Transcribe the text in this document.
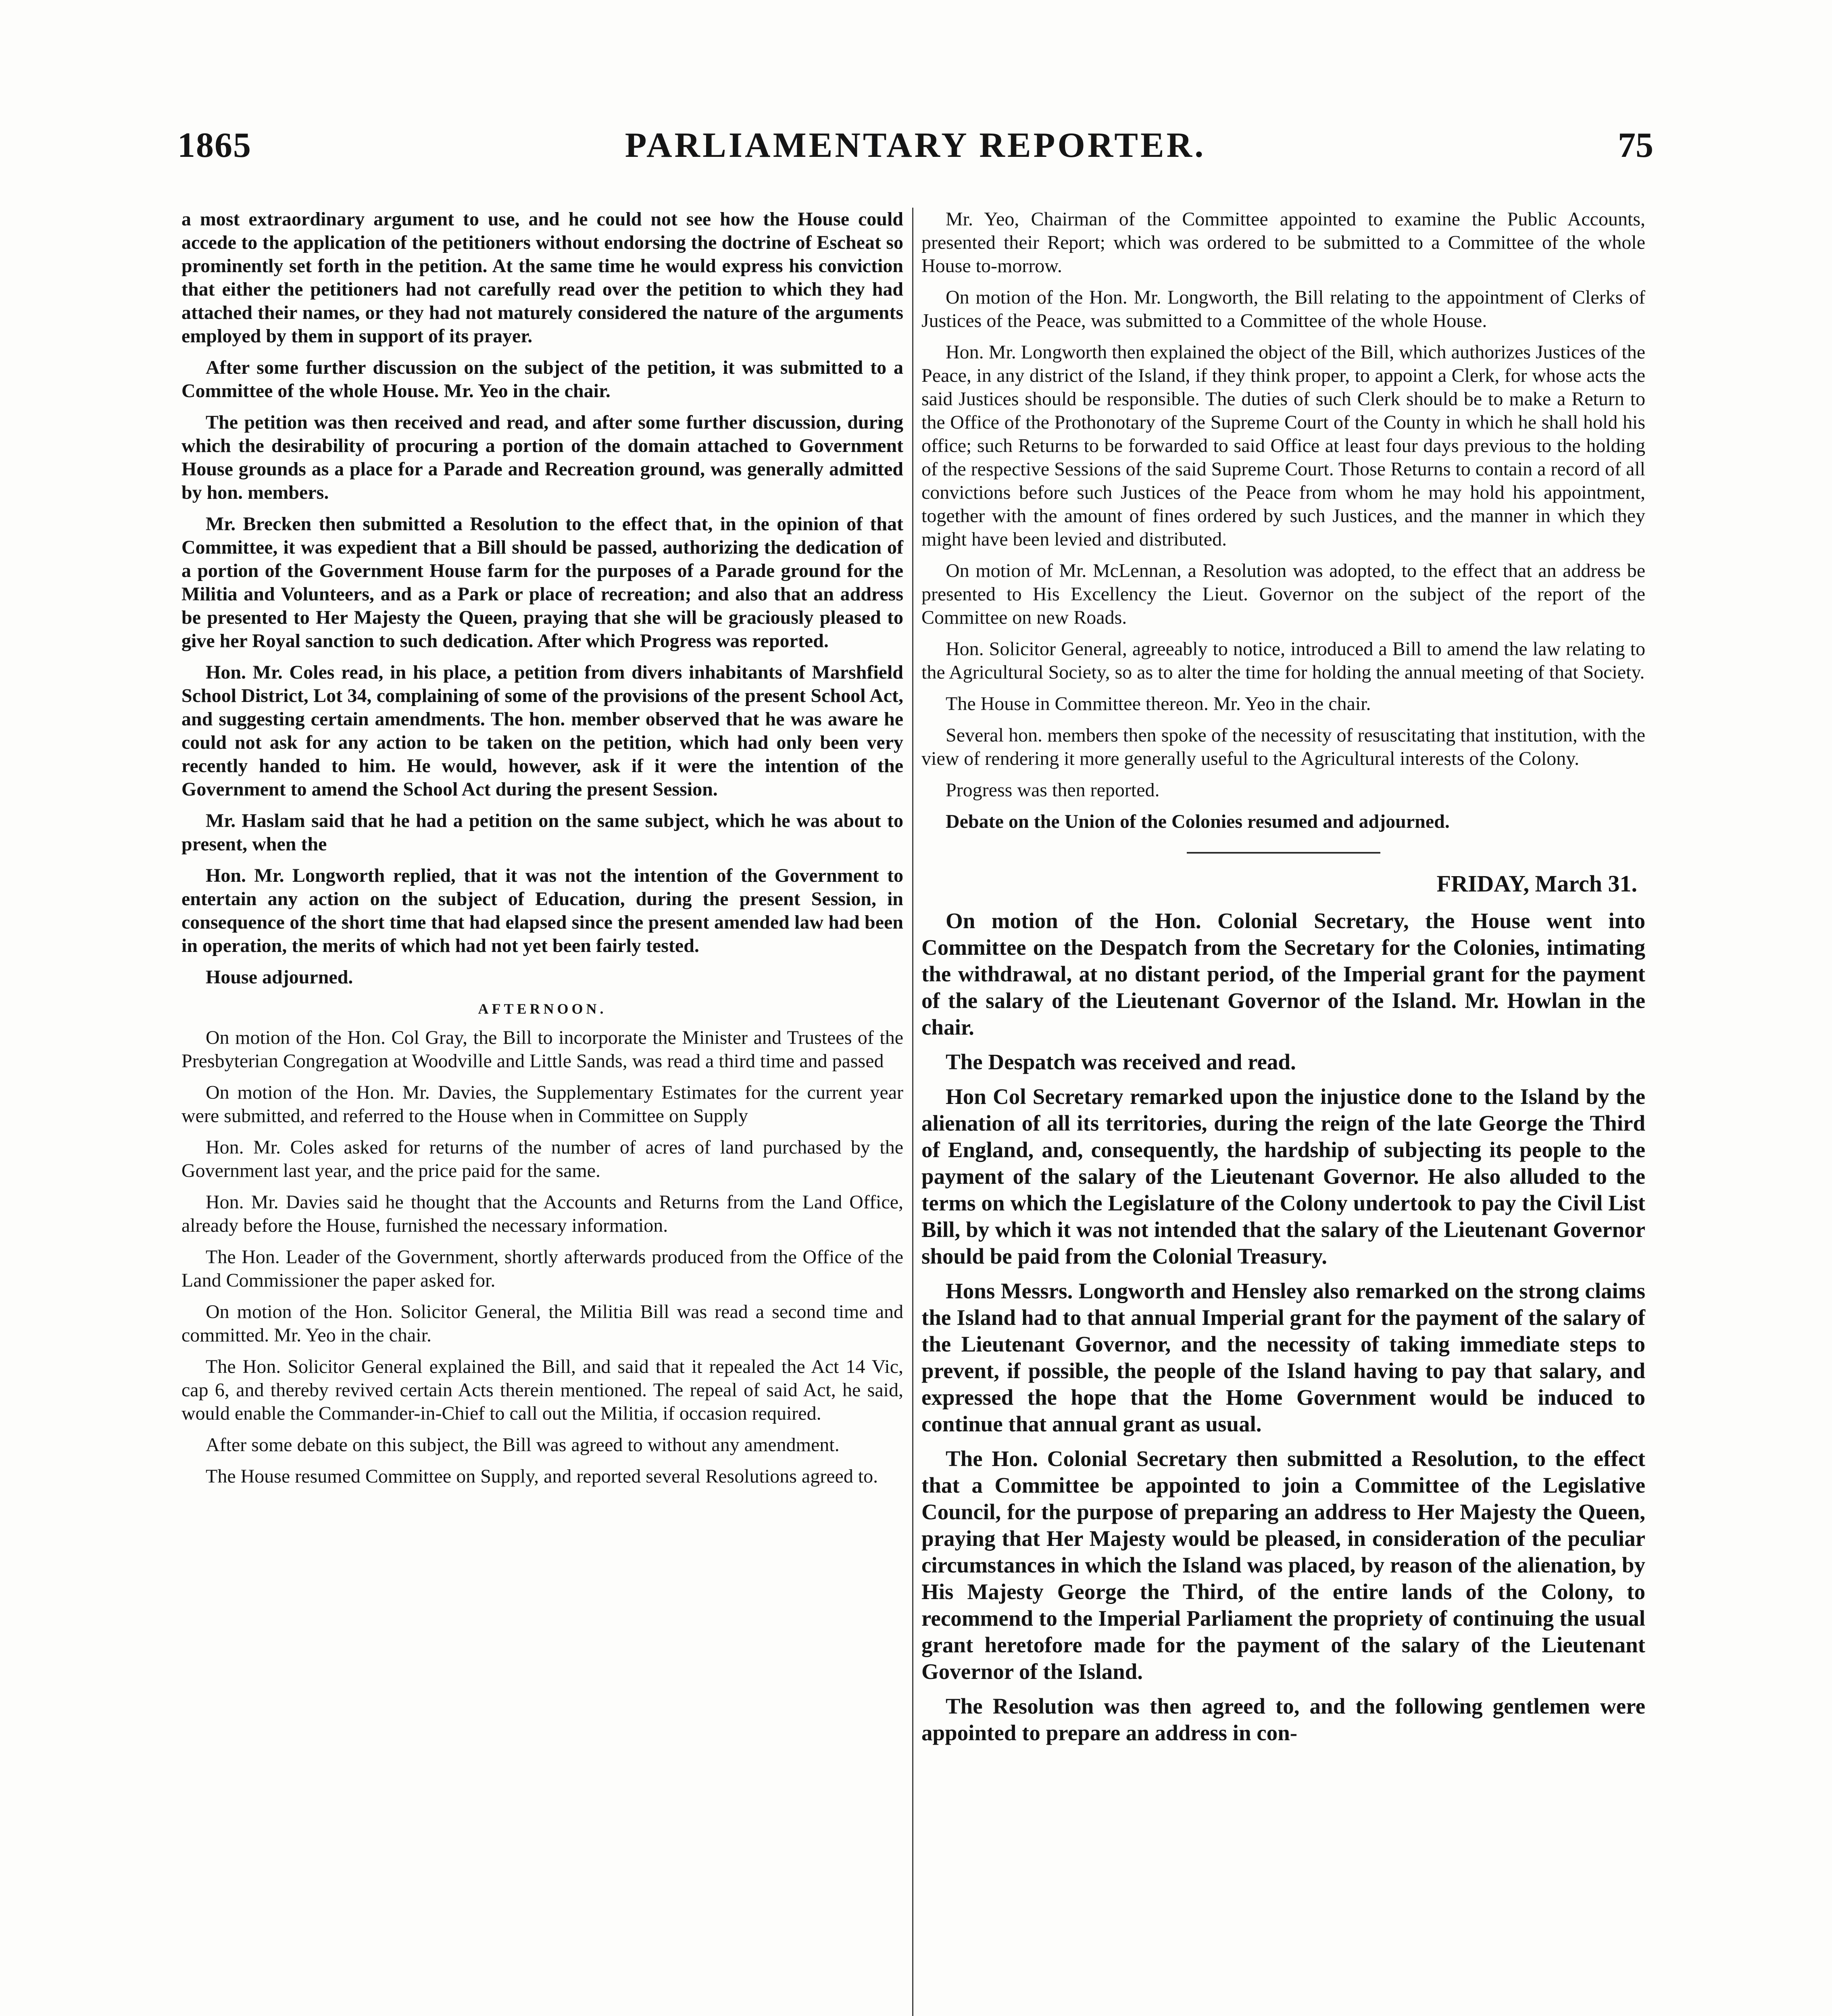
1865	PARLIAMENTARY REPORTER.	75

a most extraordinary argument to use, and he could not see how the House could accede to the application of the petitioners without endorsing the doctrine of Escheat so prominently set forth in the petition. At the same time he would express his conviction that either the petitioners had not carefully read over the petition to which they had attached their names, or they had not maturely considered the nature of the arguments employed by them in support of its prayer.

After some further discussion on the subject of the petition, it was submitted to a Committee of the whole House. Mr. Yeo in the chair.

The petition was then received and read, and after some further discussion, during which the desirability of procuring a portion of the domain attached to Government House grounds as a place for a Parade and Recreation ground, was generally admitted by hon. members.

Mr. Brecken then submitted a Resolution to the effect that, in the opinion of that Committee, it was expedient that a Bill should be passed, authorizing the dedication of a portion of the Government House farm for the purposes of a Parade ground for the Militia and Volunteers, and as a Park or place of recreation; and also that an address be presented to Her Majesty the Queen, praying that she will be graciously pleased to give her Royal sanction to such dedication. After which Progress was reported.

Hon. Mr. Coles read, in his place, a petition from divers inhabitants of Marshfield School District, Lot 34, complaining of some of the provisions of the present School Act, and suggesting certain amendments. The hon. member observed that he was aware he could not ask for any action to be taken on the petition, which had only been very recently handed to him. He would, however, ask if it were the intention of the Government to amend the School Act during the present Session.

Mr. Haslam said that he had a petition on the same subject, which he was about to present, when the

Hon. Mr. Longworth replied, that it was not the intention of the Government to entertain any action on the subject of Education, during the present Session, in consequence of the short time that had elapsed since the present amended law had been in operation, the merits of which had not yet been fairly tested.

House adjourned.

AFTERNOON.

On motion of the Hon. Col Gray, the Bill to incorporate the Minister and Trustees of the Presbyterian Congregation at Woodville and Little Sands, was read a third time and passed

On motion of the Hon. Mr. Davies, the Supplementary Estimates for the current year were submitted, and referred to the House when in Committee on Supply

Hon. Mr. Coles asked for returns of the number of acres of land purchased by the Government last year, and the price paid for the same.

Hon. Mr. Davies said he thought that the Accounts and Returns from the Land Office, already before the House, furnished the necessary information.

The Hon. Leader of the Government, shortly afterwards produced from the Office of the Land Commissioner the paper asked for.

On motion of the Hon. Solicitor General, the Militia Bill was read a second time and committed. Mr. Yeo in the chair.

The Hon. Solicitor General explained the Bill, and said that it repealed the Act 14 Vic, cap 6, and thereby revived certain Acts therein mentioned. The repeal of said Act, he said, would enable the Commander-in-Chief to call out the Militia, if occasion required.

After some debate on this subject, the Bill was agreed to without any amendment.

The House resumed Committee on Supply, and reported several Resolutions agreed to.

Mr. Yeo, Chairman of the Committee appointed to examine the Public Accounts, presented their Report; which was ordered to be submitted to a Committee of the whole House to-morrow.

On motion of the Hon. Mr. Longworth, the Bill relating to the appointment of Clerks of Justices of the Peace, was submitted to a Committee of the whole House.

Hon. Mr. Longworth then explained the object of the Bill, which authorizes Justices of the Peace, in any district of the Island, if they think proper, to appoint a Clerk, for whose acts the said Justices should be responsible. The duties of such Clerk should be to make a Return to the Office of the Prothonotary of the Supreme Court of the County in which he shall hold his office; such Returns to be forwarded to said Office at least four days previous to the holding of the respective Sessions of the said Supreme Court. Those Returns to contain a record of all convictions before such Justices of the Peace from whom he may hold his appointment, together with the amount of fines ordered by such Justices, and the manner in which they might have been levied and distributed.

On motion of Mr. McLennan, a Resolution was adopted, to the effect that an address be presented to His Excellency the Lieut. Governor on the subject of the report of the Committee on new Roads.

Hon. Solicitor General, agreeably to notice, introduced a Bill to amend the law relating to the Agricultural Society, so as to alter the time for holding the annual meeting of that Society.

The House in Committee thereon. Mr. Yeo in the chair.

Several hon. members then spoke of the necessity of resuscitating that institution, with the view of rendering it more generally useful to the Agricultural interests of the Colony.

Progress was then reported.

Debate on the Union of the Colonies resumed and adjourned.

FRIDAY, March 31.

On motion of the Hon. Colonial Secretary, the House went into Committee on the Despatch from the Secretary for the Colonies, intimating the withdrawal, at no distant period, of the Imperial grant for the payment of the salary of the Lieutenant Governor of the Island. Mr. Howlan in the chair.

The Despatch was received and read.

Hon Col Secretary remarked upon the injustice done to the Island by the alienation of all its territories, during the reign of the late George the Third of England, and, consequently, the hardship of subjecting its people to the payment of the salary of the Lieutenant Governor. He also alluded to the terms on which the Legislature of the Colony undertook to pay the Civil List Bill, by which it was not intended that the salary of the Lieutenant Governor should be paid from the Colonial Treasury.

Hons Messrs. Longworth and Hensley also remarked on the strong claims the Island had to that annual Imperial grant for the payment of the salary of the Lieutenant Governor, and the necessity of taking immediate steps to prevent, if possible, the people of the Island having to pay that salary, and expressed the hope that the Home Government would be induced to continue that annual grant as usual.

The Hon. Colonial Secretary then submitted a Resolution, to the effect that a Committee be appointed to join a Committee of the Legislative Council, for the purpose of preparing an address to Her Majesty the Queen, praying that Her Majesty would be pleased, in consideration of the peculiar circumstances in which the Island was placed, by reason of the alienation, by His Majesty George the Third, of the entire lands of the Colony, to recommend to the Imperial Parliament the propriety of continuing the usual grant heretofore made for the payment of the salary of the Lieutenant Governor of the Island.

The Resolution was then agreed to, and the following gentlemen were appointed to prepare an address in con-
